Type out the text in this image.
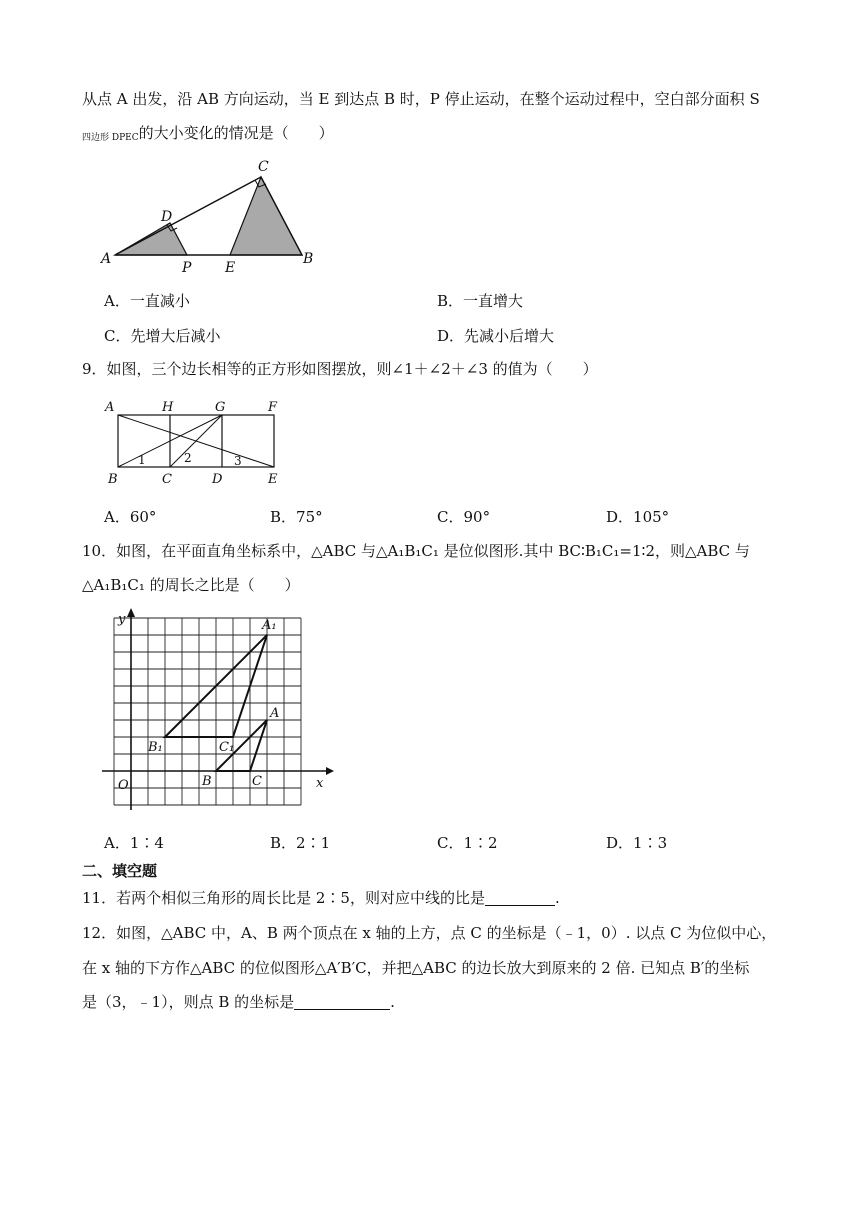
从点 A 出发，沿 AB 方向运动，当 E 到达点 B 时，P 停止运动，在整个运动过程中，空白部分面积 S
四边形 DPEC的大小变化的情况是（　　）
A
D
C
P E
B
A．一直减小	B．一直增大
C．先增大后减小	D．先减小后增大
9．如图，三个边长相等的正方形如图摆放，则∠1＋∠2＋∠3 的值为（　　）
A	H	G	F
B	C	D	E
1	2	3
A．60°	B．75°	C．90°	D．105°
10．如图，在平面直角坐标系中，△ABC 与△A₁B₁C₁ 是位似图形.其中 BC∶B₁C₁=1∶2，则△ABC 与
△A₁B₁C₁ 的周长之比是（　　）
O
y
x
A₁
B₁	C₁
A
B	C
A．1∶4	B．2∶1	C．1∶2	D．1∶3
二、填空题
11．若两个相似三角形的周长比是 2∶5，则对应中线的比是	.
12．如图，△ABC 中，A、B 两个顶点在 x 轴的上方，点 C 的坐标是（﹣1，0）. 以点 C 为位似中心，
在 x 轴的下方作△ABC 的位似图形△A′B′C，并把△ABC 的边长放大到原来的 2 倍. 已知点 B′的坐标
是（3，﹣1），则点 B 的坐标是	.
